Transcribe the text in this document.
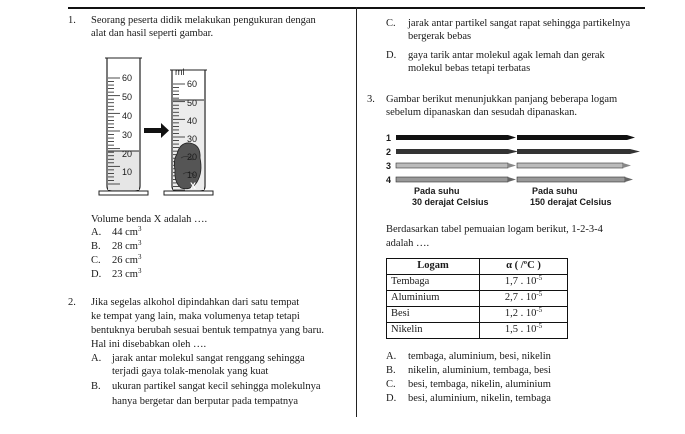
1. Seorang peserta didik melakukan pengukuran dengan
alat dan hasil seperti gambar.
60
50
40
30
20
10
ml
60
50
40
30
20
10
X
Volume benda X adalah ….
A. 44 $cm^3$
B. 28 $cm^3$
C. 26 $cm^3$
D. 23 $cm^3$
2. Jika segelas alkohol dipindahkan dari satu tempat
ke tempat yang lain, maka volumenya tetap tetapi
bentuknya berubah sesuai bentuk tempatnya yang baru.
Hal ini disebabkan oleh ….
A. jarak antar molekul sangat renggang sehingga
terjadi gaya tolak-menolak yang kuat
B. ukuran partikel sangat kecil sehingga molekulnya
hanya bergetar dan berputar pada tempatnya
C. jarak antar partikel sangat rapat sehingga partikelnya
bergerak bebas
D. gaya tarik antar molekul agak lemah dan gerak
molekul bebas tetapi terbatas
3. Gambar berikut menunjukkan panjang beberapa logam
sebelum dipanaskan dan sesudah dipanaskan.
1
2
3
4
Pada suhu
30 derajat Celsius
Pada suhu
150 derajat Celsius
Berdasarkan tabel pemuaian logam berikut, 1-2-3-4
adalah ….
Logam	α ( /ºC )
Tembaga	1,7 . $10^{-5}$
Aluminium	2,7 . $10^{-5}$
Besi	1,2 . $10^{-5}$
Nikelin	1,5 . $10^{-5}$
A. tembaga, aluminium, besi, nikelin
B. nikelin, aluminium, tembaga, besi
C. besi, tembaga, nikelin, aluminium
D. besi, aluminium, nikelin, tembaga
